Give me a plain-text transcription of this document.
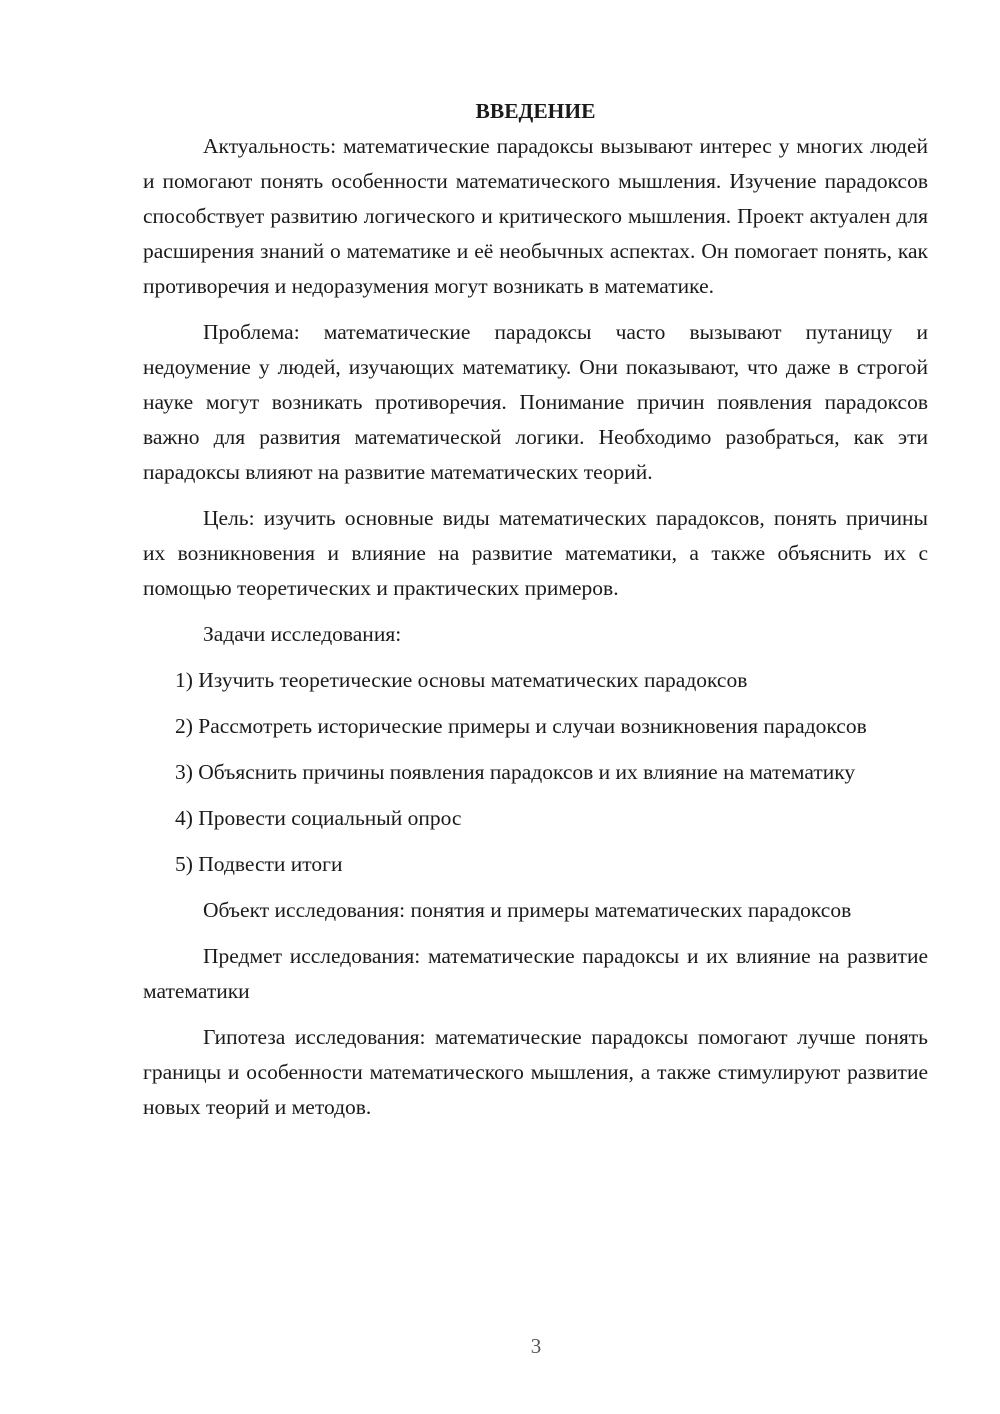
ВВЕДЕНИЕ

Актуальность: математические парадоксы вызывают интерес у многих людей и помогают понять особенности математического мышления. Изучение парадоксов способствует развитию логического и критического мышления. Проект актуален для расширения знаний о математике и её необычных аспектах. Он помогает понять, как противоречия и недоразумения могут возникать в математике.

Проблема: математические парадоксы часто вызывают путаницу и недоумение у людей, изучающих математику. Они показывают, что даже в строгой науке могут возникать противоречия. Понимание причин появления парадоксов важно для развития математической логики. Необходимо разобраться, как эти парадоксы влияют на развитие математических теорий.

Цель: изучить основные виды математических парадоксов, понять причины их возникновения и влияние на развитие математики, а также объяснить их с помощью теоретических и практических примеров.

Задачи исследования:

1) Изучить теоретические основы математических парадоксов

2) Рассмотреть исторические примеры и случаи возникновения парадоксов

3) Объяснить причины появления парадоксов и их влияние на математику

4) Провести социальный опрос

5) Подвести итоги

Объект исследования: понятия и примеры математических парадоксов

Предмет исследования: математические парадоксы и их влияние на развитие математики

Гипотеза исследования: математические парадоксы помогают лучше понять границы и особенности математического мышления, а также стимулируют развитие новых теорий и методов.

3
